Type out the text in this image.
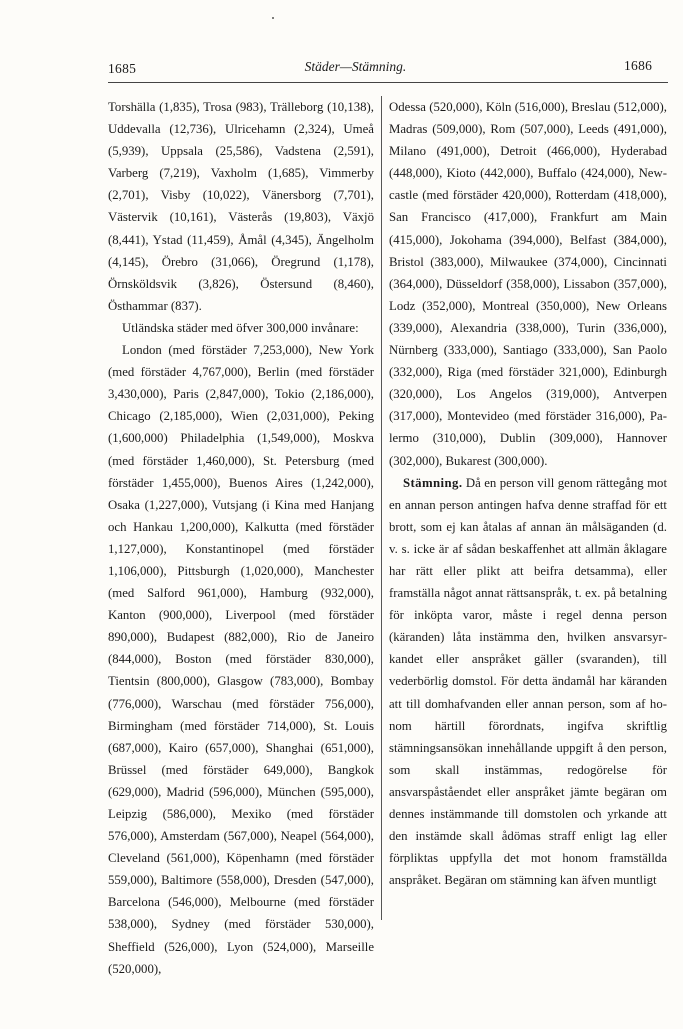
1685	Städer—Stämning.	1686

Torshälla (1,835), Trosa (983), Trälleborg (10,138), Uddevalla (12,736), Ulricehamn (2,324), Umeå (5,939), Uppsala (25,586), Vadstena (2,591), Varberg (7,219), Vaxholm (1,685), Vimmerby (2,701), Visby (10,022), Vänersborg (7,701), Västervik (10,161), Västerås (19,803), Växjö (8,441), Ystad (11,459), Åmål (4,345), Ängelholm (4,145), Örebro (31,066), Öregrund (1,178), Örnsköldsvik (3,826), Östersund (8,460), Östhammar (837).

Utländska städer med öfver 300,000 invånare:

London (med förstäder 7,253,000), New York (med förstäder 4,767,000), Berlin (med förstäder 3,430,000), Paris (2,847,000), Tokio (2,186,000), Chicago (2,185,000), Wien (2,031,000), Peking (1,600,000) Philadelphia (1,549,000), Moskva (med förstäder 1,460,000), St. Petersburg (med förstäder 1,455,000), Buenos Aires (1,242,000), Osaka (1,227,000), Vutsjang (i Kina med Hanjang och Hankau 1,200,000), Kalkutta (med förstäder 1,127,000), Konstantinopel (med förstäder 1,106,000), Pittsburgh (1,020,000), Manchester (med Salford 961,000), Hamburg (932,000), Kanton (900,000), Liverpool (med förstäder 890,000), Budapest (882,000), Rio de Janeiro (844,000), Boston (med förstäder 830,000), Tientsin (800,000), Glasgow (783,000), Bombay (776,000), Warschau (med förstäder 756,000), Birmingham (med förstäder 714,000), St. Louis (687,000), Kairo (657,000), Shanghai (651,000), Brüssel (med förstäder 649,000), Bangkok (629,000), Madrid (596,000), München (595,000), Leipzig (586,000), Mexiko (med förstäder 576,000), Amsterdam (567,000), Neapel (564,000), Cleveland (561,000), Köpenhamn (med förstäder 559,000), Baltimore (558,000), Dresden (547,000), Barcelona (546,000), Melbourne (med förstäder 538,000), Sydney (med förstäder 530,000), Sheffield (526,000), Lyon (524,000), Marseille (520,000),

Odessa (520,000), Köln (516,000), Breslau (512,000), Madras (509,000), Rom (507,000), Leeds (491,000), Milano (491,000), Detroit (466,000), Hyderabad (448,000), Kioto (442,000), Buffalo (424,000), Newcastle (med förstäder 420,000), Rotterdam (418,000), San Francisco (417,000), Frankfurt am Main (415,000), Jokohama (394,000), Belfast (384,000), Bristol (383,000), Milwaukee (374,000), Cincinnati (364,000), Düsseldorf (358,000), Lissabon (357,000), Lodz (352,000), Montreal (350,000), New Orleans (339,000), Alexandria (338,000), Turin (336,000), Nürnberg (333,000), Santiago (333,000), San Paolo (332,000), Riga (med förstäder 321,000), Edinburgh (320,000), Los Angelos (319,000), Antverpen (317,000), Montevideo (med förstäder 316,000), Palermo (310,000), Dublin (309,000), Hannover (302,000), Bukarest (300,000).

Stämning. Då en person vill genom rättegång mot en annan person antingen hafva denne straffad för ett brott, som ej kan åtalas af annan än målsäganden (d. v. s. icke är af sådan beskaffenhet att allmän åklagare har rätt eller plikt att beifra detsamma), eller framställa något annat rättsanspråk, t. ex. på betalning för inköpta varor, måste i regel denna person (käranden) låta instämma den, hvilken ansvarsyrkandet eller anspråket gäller (svaranden), till vederbörlig domstol. För detta ändamål har käranden att till domhafvanden eller annan person, som af honom härtill förordnats, ingifva skriftlig stämningsansökan innehållande uppgift å den person, som skall instämmas, redogörelse för ansvarspåståendet eller anspråket jämte begäran om dennes instämmande till domstolen och yrkande att den instämde skall ådömas straff enligt lag eller förpliktas uppfylla det mot honom framställda anspråket. Begäran om stämning kan äfven muntligt
